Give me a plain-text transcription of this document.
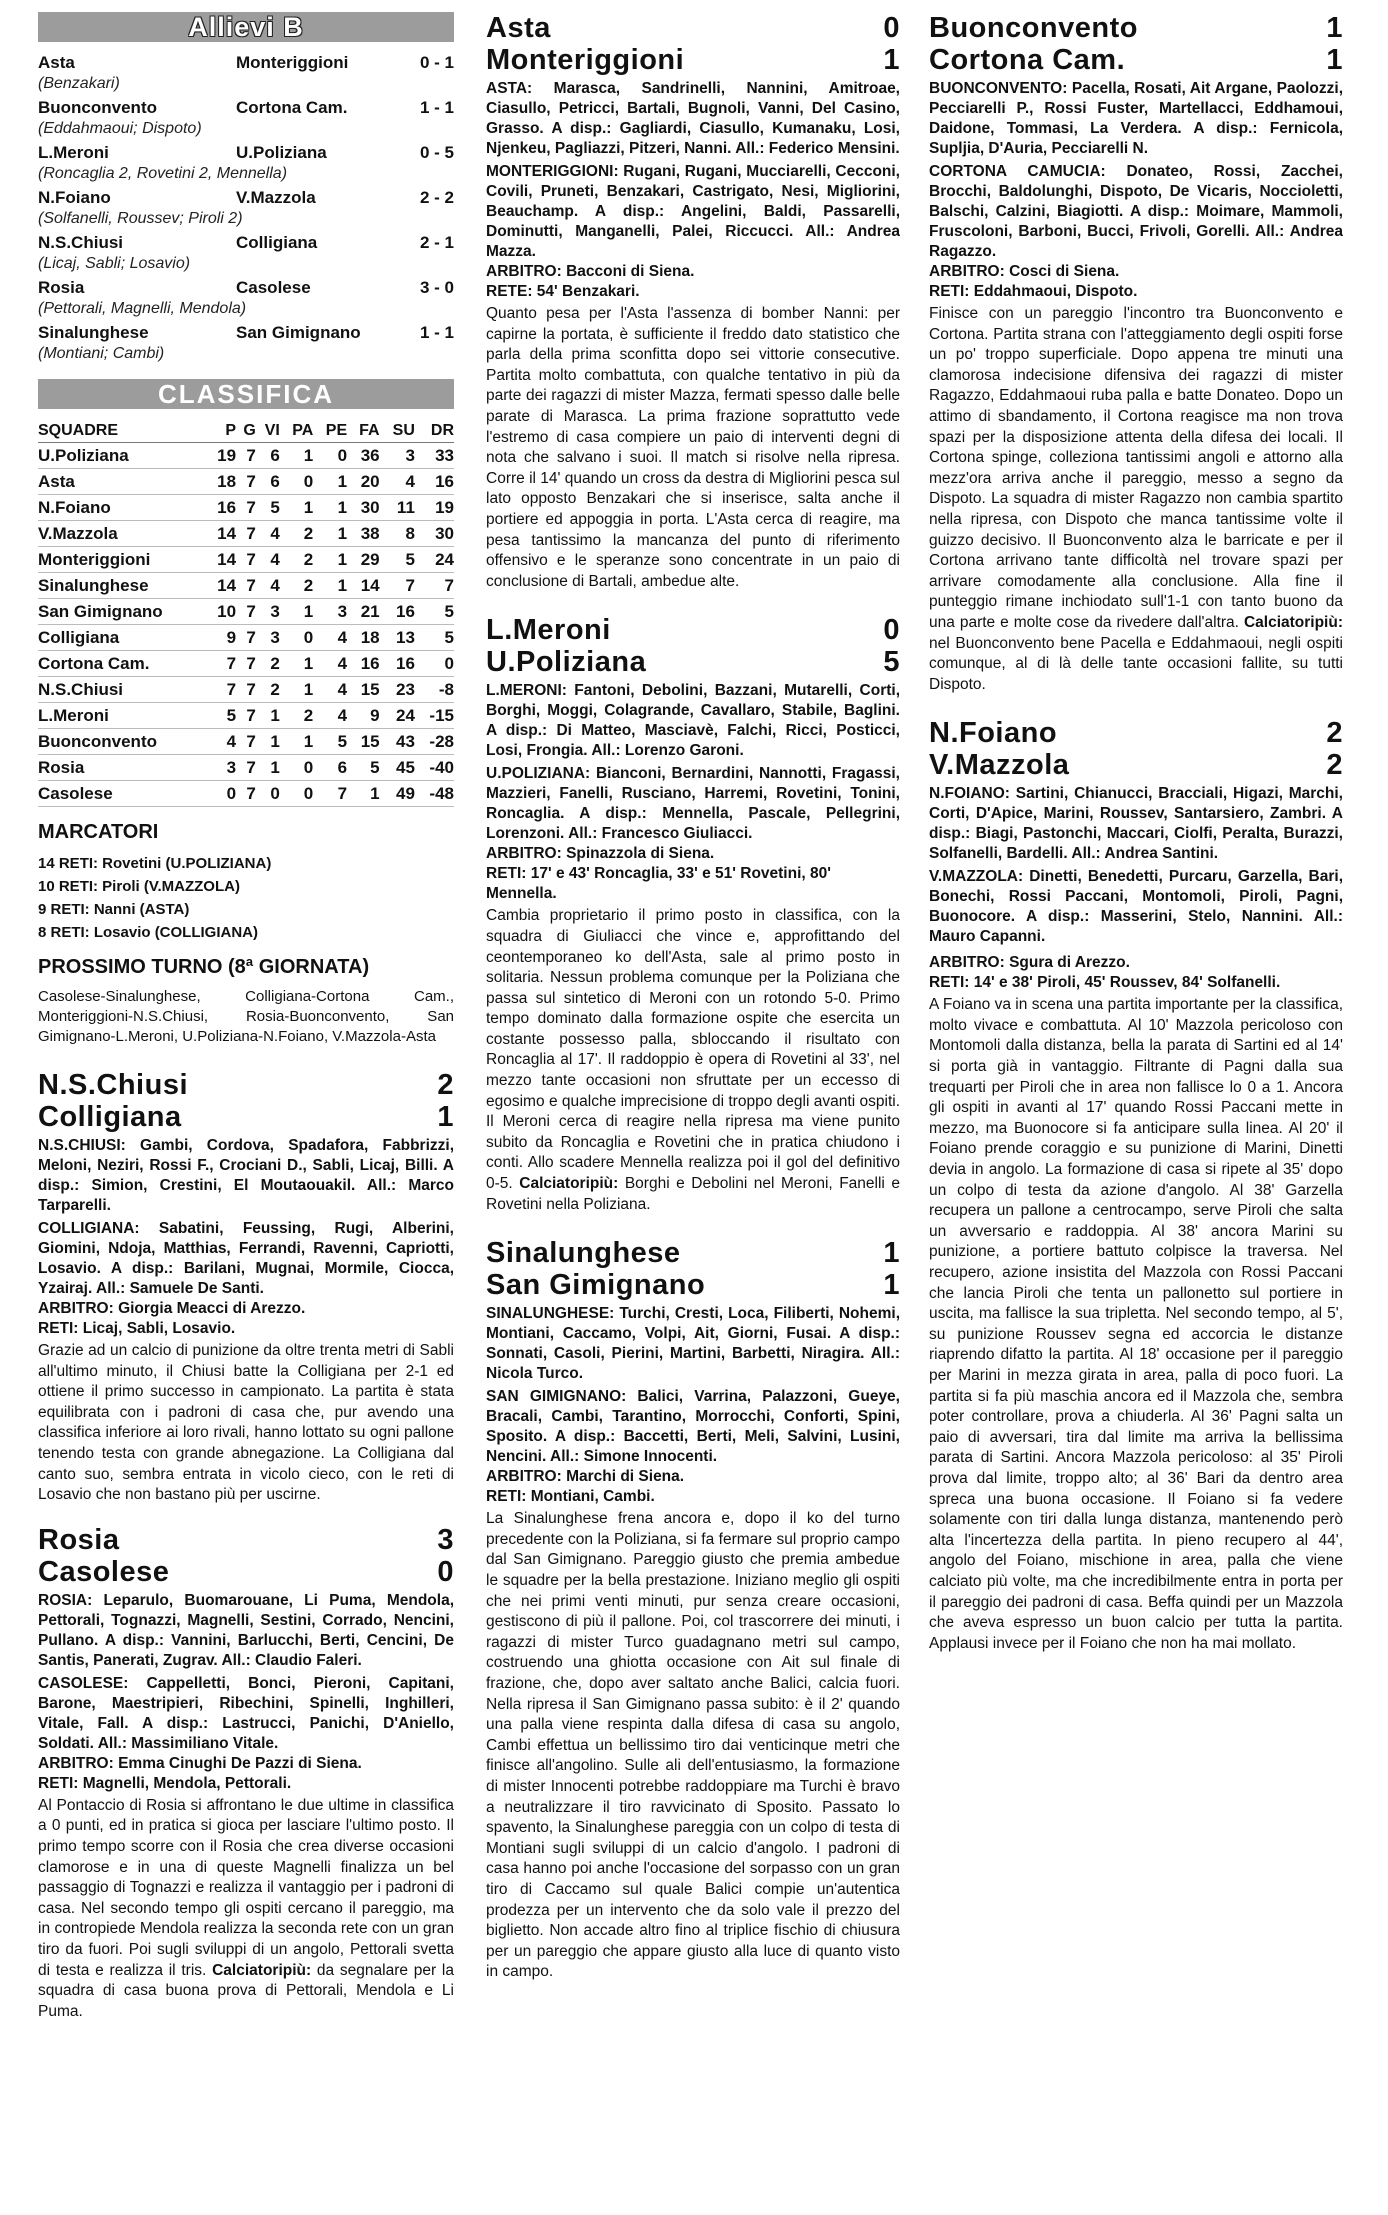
Allievi B
Asta	Monteriggioni	0 - 1
(Benzakari)
Buonconvento	Cortona Cam.	1 - 1
(Eddahmaoui; Dispoto)
L.Meroni	U.Poliziana	0 - 5
(Roncaglia 2, Rovetini 2, Mennella)
N.Foiano	V.Mazzola	2 - 2
(Solfanelli, Roussev; Piroli 2)
N.S.Chiusi	Colligiana	2 - 1
(Licaj, Sabli; Losavio)
Rosia	Casolese	3 - 0
(Pettorali, Magnelli, Mendola)
Sinalunghese	San Gimignano	1 - 1
(Montiani; Cambi)
CLASSIFICA
SQUADRE	P	G	VI	PA	PE	FA	SU	DR
U.Poliziana	19	7	6	1	0	36	3	33
Asta	18	7	6	0	1	20	4	16
N.Foiano	16	7	5	1	1	30	11	19
V.Mazzola	14	7	4	2	1	38	8	30
Monteriggioni	14	7	4	2	1	29	5	24
Sinalunghese	14	7	4	2	1	14	7	7
San Gimignano	10	7	3	1	3	21	16	5
Colligiana	9	7	3	0	4	18	13	5
Cortona Cam.	7	7	2	1	4	16	16	0
N.S.Chiusi	7	7	2	1	4	15	23	-8
L.Meroni	5	7	1	2	4	9	24	-15
Buonconvento	4	7	1	1	5	15	43	-28
Rosia	3	7	1	0	6	5	45	-40
Casolese	0	7	0	0	7	1	49	-48
MARCATORI
14 RETI: Rovetini (U.POLIZIANA)
10 RETI: Piroli (V.MAZZOLA)
9 RETI: Nanni (ASTA)
8 RETI: Losavio (COLLIGIANA)
PROSSIMO TURNO (8ª GIORNATA)
Casolese-Sinalunghese, Colligiana-Cortona Cam., Monteriggioni-N.S.Chiusi, Rosia-Buonconvento, San Gimignano-L.Meroni, U.Poliziana-N.Foiano, V.Mazzola-Asta
N.S.Chiusi	2
Colligiana	1
N.S.CHIUSI: Gambi, Cordova, Spadafora, Fabbrizzi, Meloni, Neziri, Rossi F., Crociani D., Sabli, Licaj, Billi. A disp.: Simion, Crestini, El Moutaouakil. All.: Marco Tarparelli.
COLLIGIANA: Sabatini, Feussing, Rugi, Alberini, Giomini, Ndoja, Matthias, Ferrandi, Ravenni, Capriotti, Losavio. A disp.: Barilani, Mugnai, Mormile, Ciocca, Yzairaj. All.: Samuele De Santi.
ARBITRO: Giorgia Meacci di Arezzo.
RETI: Licaj, Sabli, Losavio.
Grazie ad un calcio di punizione da oltre trenta metri di Sabli all'ultimo minuto, il Chiusi batte la Colligiana per 2-1 ed ottiene il primo successo in campionato. La partita è stata equilibrata con i padroni di casa che, pur avendo una classifica inferiore ai loro rivali, hanno lottato su ogni pallone tenendo testa con grande abnegazione. La Colligiana dal canto suo, sembra entrata in vicolo cieco, con le reti di Losavio che non bastano più per uscirne.
Rosia	3
Casolese	0
ROSIA: Leparulo, Buomarouane, Li Puma, Mendola, Pettorali, Tognazzi, Magnelli, Sestini, Corrado, Nencini, Pullano. A disp.: Vannini, Barlucchi, Berti, Cencini, De Santis, Panerati, Zugrav. All.: Claudio Faleri.
CASOLESE: Cappelletti, Bonci, Pieroni, Capitani, Barone, Maestripieri, Ribechini, Spinelli, Inghilleri, Vitale, Fall. A disp.: Lastrucci, Panichi, D'Aniello, Soldati. All.: Massimiliano Vitale.
ARBITRO: Emma Cinughi De Pazzi di Siena.
RETI: Magnelli, Mendola, Pettorali.
Al Pontaccio di Rosia si affrontano le due ultime in classifica a 0 punti, ed in pratica si gioca per lasciare l'ultimo posto. Il primo tempo scorre con il Rosia che crea diverse occasioni clamorose e in una di queste Magnelli finalizza un bel passaggio di Tognazzi e realizza il vantaggio per i padroni di casa. Nel secondo tempo gli ospiti cercano il pareggio, ma in contropiede Mendola realizza la seconda rete con un gran tiro da fuori. Poi sugli sviluppi di un angolo, Pettorali svetta di testa e realizza il tris. Calciatoripiù: da segnalare per la squadra di casa buona prova di Pettorali, Mendola e Li Puma.
Asta	0
Monteriggioni	1
ASTA: Marasca, Sandrinelli, Nannini, Amitroae, Ciasullo, Petricci, Bartali, Bugnoli, Vanni, Del Casino, Grasso. A disp.: Gagliardi, Ciasullo, Kumanaku, Losi, Njenkeu, Pagliazzi, Pitzeri, Nanni. All.: Federico Mensini.
MONTERIGGIONI: Rugani, Rugani, Mucciarelli, Cecconi, Covili, Pruneti, Benzakari, Castrigato, Nesi, Migliorini, Beauchamp. A disp.: Angelini, Baldi, Passarelli, Dominutti, Manganelli, Palei, Riccucci. All.: Andrea Mazza.
ARBITRO: Bacconi di Siena.
RETE: 54' Benzakari.
Quanto pesa per l'Asta l'assenza di bomber Nanni: per capirne la portata, è sufficiente il freddo dato statistico che parla della prima sconfitta dopo sei vittorie consecutive. Partita molto combattuta, con qualche tentativo in più da parte dei ragazzi di mister Mazza, fermati spesso dalle belle parate di Marasca. La prima frazione soprattutto vede l'estremo di casa compiere un paio di interventi degni di nota che salvano i suoi. Il match si risolve nella ripresa. Corre il 14' quando un cross da destra di Migliorini pesca sul lato opposto Benzakari che si inserisce, salta anche il portiere ed appoggia in porta. L'Asta cerca di reagire, ma pesa tantissimo la mancanza del punto di riferimento offensivo e le speranze sono concentrate in un paio di conclusione di Bartali, ambedue alte.
L.Meroni	0
U.Poliziana	5
L.MERONI: Fantoni, Debolini, Bazzani, Mutarelli, Corti, Borghi, Moggi, Colagrande, Cavallaro, Stabile, Baglini. A disp.: Di Matteo, Masciavè, Falchi, Ricci, Posticci, Losi, Frongia. All.: Lorenzo Garoni.
U.POLIZIANA: Bianconi, Bernardini, Nannotti, Fragassi, Mazzieri, Fanelli, Rusciano, Harremi, Rovetini, Tonini, Roncaglia. A disp.: Mennella, Pascale, Pellegrini, Lorenzoni. All.: Francesco Giuliacci.
ARBITRO: Spinazzola di Siena.
RETI: 17' e 43' Roncaglia, 33' e 51' Rovetini, 80' Mennella.
Cambia proprietario il primo posto in classifica, con la squadra di Giuliacci che vince e, approfittando del ceontemporaneo ko dell'Asta, sale al primo posto in solitaria. Nessun problema comunque per la Poliziana che passa sul sintetico di Meroni con un rotondo 5-0. Primo tempo dominato dalla formazione ospite che esercita un costante possesso palla, sbloccando il risultato con Roncaglia al 17'. Il raddoppio è opera di Rovetini al 33', nel mezzo tante occasioni non sfruttate per un eccesso di egosimo e qualche imprecisione di troppo degli avanti ospiti. Il Meroni cerca di reagire nella ripresa ma viene punito subito da Roncaglia e Rovetini che in pratica chiudono i conti. Allo scadere Mennella realizza poi il gol del definitivo 0-5. Calciatoripiù: Borghi e Debolini nel Meroni, Fanelli e Rovetini nella Poliziana.
Sinalunghese	1
San Gimignano	1
SINALUNGHESE: Turchi, Cresti, Loca, Filiberti, Nohemi, Montiani, Caccamo, Volpi, Ait, Giorni, Fusai. A disp.: Sonnati, Casoli, Pierini, Martini, Barbetti, Niragira. All.: Nicola Turco.
SAN GIMIGNANO: Balici, Varrina, Palazzoni, Gueye, Bracali, Cambi, Tarantino, Morrocchi, Conforti, Spini, Sposito. A disp.: Baccetti, Berti, Meli, Salvini, Lusini, Nencini. All.: Simone Innocenti.
ARBITRO: Marchi di Siena.
RETI: Montiani, Cambi.
La Sinalunghese frena ancora e, dopo il ko del turno precedente con la Poliziana, si fa fermare sul proprio campo dal San Gimignano. Pareggio giusto che premia ambedue le squadre per la bella prestazione. Iniziano meglio gli ospiti che nei primi venti minuti, pur senza creare occasioni, gestiscono di più il pallone. Poi, col trascorrere dei minuti, i ragazzi di mister Turco guadagnano metri sul campo, costruendo una ghiotta occasione con Ait sul finale di frazione, che, dopo aver saltato anche Balici, calcia fuori. Nella ripresa il San Gimignano passa subito: è il 2' quando una palla viene respinta dalla difesa di casa su angolo, Cambi effettua un bellissimo tiro dai venticinque metri che finisce all'angolino. Sulle ali dell'entusiasmo, la formazione di mister Innocenti potrebbe raddoppiare ma Turchi è bravo a neutralizzare il tiro ravvicinato di Sposito. Passato lo spavento, la Sinalunghese pareggia con un colpo di testa di Montiani sugli sviluppi di un calcio d'angolo. I padroni di casa hanno poi anche l'occasione del sorpasso con un gran tiro di Caccamo sul quale Balici compie un'autentica prodezza per un intervento che da solo vale il prezzo del biglietto. Non accade altro fino al triplice fischio di chiusura per un pareggio che appare giusto alla luce di quanto visto in campo.
Buonconvento	1
Cortona Cam.	1
BUONCONVENTO: Pacella, Rosati, Ait Argane, Paolozzi, Pecciarelli P., Rossi Fuster, Martellacci, Eddhamoui, Daidone, Tommasi, La Verdera. A disp.: Fernicola, Supljia, D'Auria, Pecciarelli N.
CORTONA CAMUCIA: Donateo, Rossi, Zacchei, Brocchi, Baldolunghi, Dispoto, De Vicaris, Noccioletti, Balschi, Calzini, Biagiotti. A disp.: Moimare, Mammoli, Fruscoloni, Barboni, Bucci, Frivoli, Gorelli. All.: Andrea Ragazzo.
ARBITRO: Cosci di Siena.
RETI: Eddahmaoui, Dispoto.
Finisce con un pareggio l'incontro tra Buonconvento e Cortona. Partita strana con l'atteggiamento degli ospiti forse un po' troppo superficiale. Dopo appena tre minuti una clamorosa indecisione difensiva dei ragazzi di mister Ragazzo, Eddahmaoui ruba palla e batte Donateo. Dopo un attimo di sbandamento, il Cortona reagisce ma non trova spazi per la disposizione attenta della difesa dei locali. Il Cortona spinge, colleziona tantissimi angoli e attorno alla mezz'ora arriva anche il pareggio, messo a segno da Dispoto. La squadra di mister Ragazzo non cambia spartito nella ripresa, con Dispoto che manca tantissime volte il guizzo decisivo. Il Buonconvento alza le barricate e per il Cortona arrivano tante difficoltà nel trovare spazi per arrivare comodamente alla conclusione. Alla fine il punteggio rimane inchiodato sull'1-1 con tanto buono da una parte e molte cose da rivedere dall'altra. Calciatoripiù: nel Buonconvento bene Pacella e Eddahmaoui, negli ospiti comunque, al di là delle tante occasioni fallite, su tutti Dispoto.
N.Foiano	2
V.Mazzola	2
N.FOIANO: Sartini, Chianucci, Bracciali, Higazi, Marchi, Corti, D'Apice, Marini, Roussev, Santarsiero, Zambri. A disp.: Biagi, Pastonchi, Maccari, Ciolfi, Peralta, Burazzi, Solfanelli, Bardelli. All.: Andrea Santini.
V.MAZZOLA: Dinetti, Benedetti, Purcaru, Garzella, Bari, Bonechi, Rossi Paccani, Montomoli, Piroli, Pagni, Buonocore. A disp.: Masserini, Stelo, Nannini. All.: Mauro Capanni.
ARBITRO: Sgura di Arezzo.
RETI: 14' e 38' Piroli, 45' Roussev, 84' Solfanelli.
A Foiano va in scena una partita importante per la classifica, molto vivace e combattuta. Al 10' Mazzola pericoloso con Montomoli dalla distanza, bella la parata di Sartini ed al 14' si porta già in vantaggio. Filtrante di Pagni dalla sua trequarti per Piroli che in area non fallisce lo 0 a 1. Ancora gli ospiti in avanti al 17' quando Rossi Paccani mette in mezzo, ma Buonocore si fa anticipare sulla linea. Al 20' il Foiano prende coraggio e su punizione di Marini, Dinetti devia in angolo. La formazione di casa si ripete al 35' dopo un colpo di testa da azione d'angolo. Al 38' Garzella recupera un pallone a centrocampo, serve Piroli che salta un avversario e raddoppia. Al 38' ancora Marini su punizione, a portiere battuto colpisce la traversa. Nel recupero, azione insistita del Mazzola con Rossi Paccani che lancia Piroli che tenta un pallonetto sul portiere in uscita, ma fallisce la sua tripletta. Nel secondo tempo, al 5', su punizione Roussev segna ed accorcia le distanze riaprendo difatto la partita. Al 18' occasione per il pareggio per Marini in mezza girata in area, palla di poco fuori. La partita si fa più maschia ancora ed il Mazzola che, sembra poter controllare, prova a chiuderla. Al 36' Pagni salta un paio di avversari, tira dal limite ma arriva la bellissima parata di Sartini. Ancora Mazzola pericoloso: al 35' Piroli prova dal limite, troppo alto; al 36' Bari da dentro area spreca una buona occasione. Il Foiano si fa vedere solamente con tiri dalla lunga distanza, mantenendo però alta l'incertezza della partita. In pieno recupero al 44', angolo del Foiano, mischione in area, palla che viene calciato più volte, ma che incredibilmente entra in porta per il pareggio dei padroni di casa. Beffa quindi per un Mazzola che aveva espresso un buon calcio per tutta la partita. Applausi invece per il Foiano che non ha mai mollato.
